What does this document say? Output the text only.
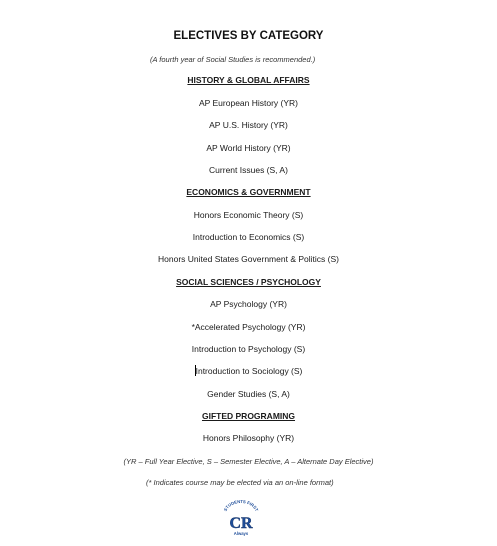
ELECTIVES BY CATEGORY
(A fourth year of Social Studies is recommended.)
HISTORY & GLOBAL AFFAIRS
AP European History (YR)
AP U.S. History (YR)
AP World History (YR)
Current Issues (S, A)
ECONOMICS & GOVERNMENT
Honors Economic Theory (S)
Introduction to Economics (S)
Honors United States Government & Politics (S)
SOCIAL SCIENCES / PSYCHOLOGY
AP Psychology (YR)
*Accelerated Psychology (YR)
Introduction to Psychology (S)
Introduction to Sociology (S)
Gender Studies (S, A)
GIFTED PROGRAMING
Honors Philosophy (YR)
(YR – Full Year Elective, S – Semester Elective, A – Alternate Day Elective)
(* Indicates course may be elected via an on-line format)
STUDENTS FIRST
CR
Always
